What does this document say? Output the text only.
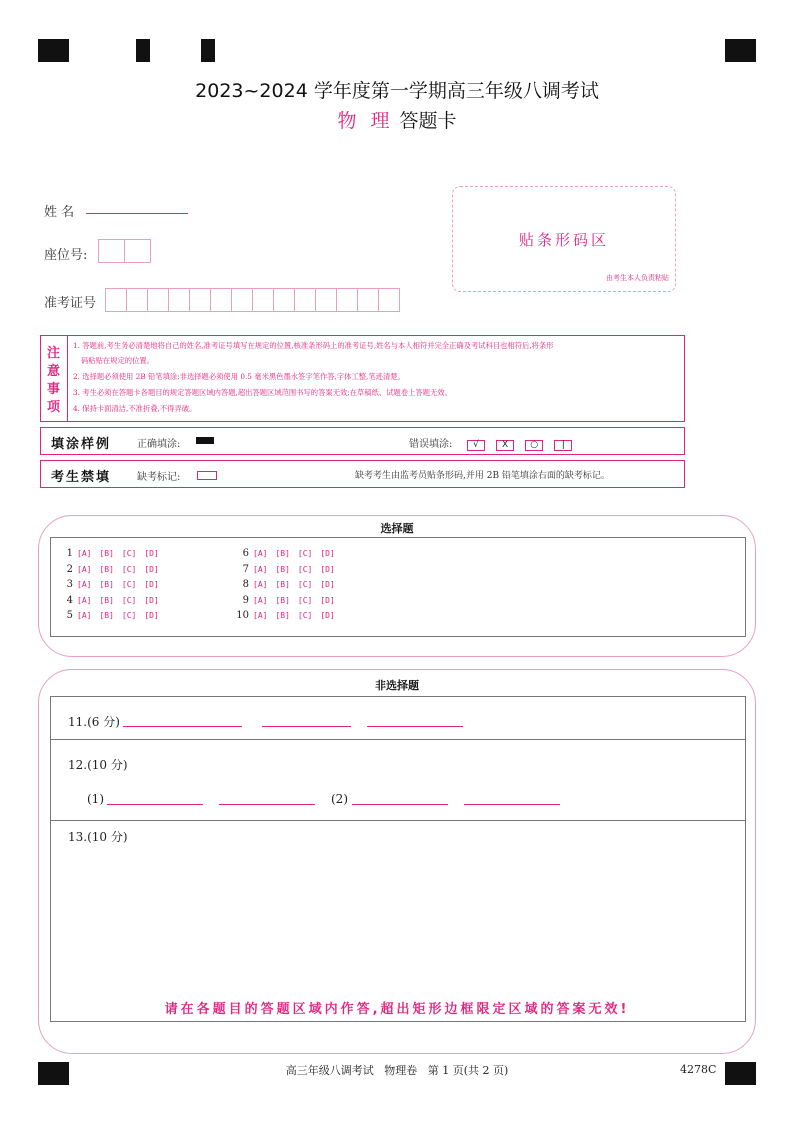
2023~2024 学年度第一学期高三年级八调考试
物 理 答题卡
姓 名
座位号:
准考证号
贴条形码区
由考生本人负责粘贴
注
意
事
项
1. 答题前,考生务必清楚地将自己的姓名,准考证号填写在规定的位置,核准条形码上的准考证号,姓名与本人相符并完全正确及考试科目也相符后,将条形
码粘贴在规定的位置。
2. 选择题必须使用 2B 铅笔填涂;非选择题必须使用 0.5 毫米黑色墨水签字笔作答,字体工整,笔迹清楚。
3. 考生必须在答题卡各题目的规定答题区域内答题,超出答题区域范围书写的答案无效;在草稿纸、试题卷上答题无效。
4. 保持卡面清洁,不准折叠,不得弄破。
填涂样例	正确填涂:	错误填涂:	√	X ○	|
考生禁填	缺考标记:	缺考考生由监考员贴条形码,并用 2B 铅笔填涂右面的缺考标记。
选择题
1 [A] [B] [C] [D]
2 [A] [B] [C] [D]
3 [A] [B] [C] [D]
4 [A] [B] [C] [D]
5 [A] [B] [C] [D]
6 [A] [B] [C] [D]
7 [A] [B] [C] [D]
8 [A] [B] [C] [D]
9 [A] [B] [C] [D]
10 [A] [B] [C] [D]
非选择题
11.(6 分)
12.(10 分)
(1)	(2)
13.(10 分)
请在各题目的答题区域内作答,超出矩形边框限定区域的答案无效!
高三年级八调考试   物理卷   第 1 页(共 2 页)	4278C
